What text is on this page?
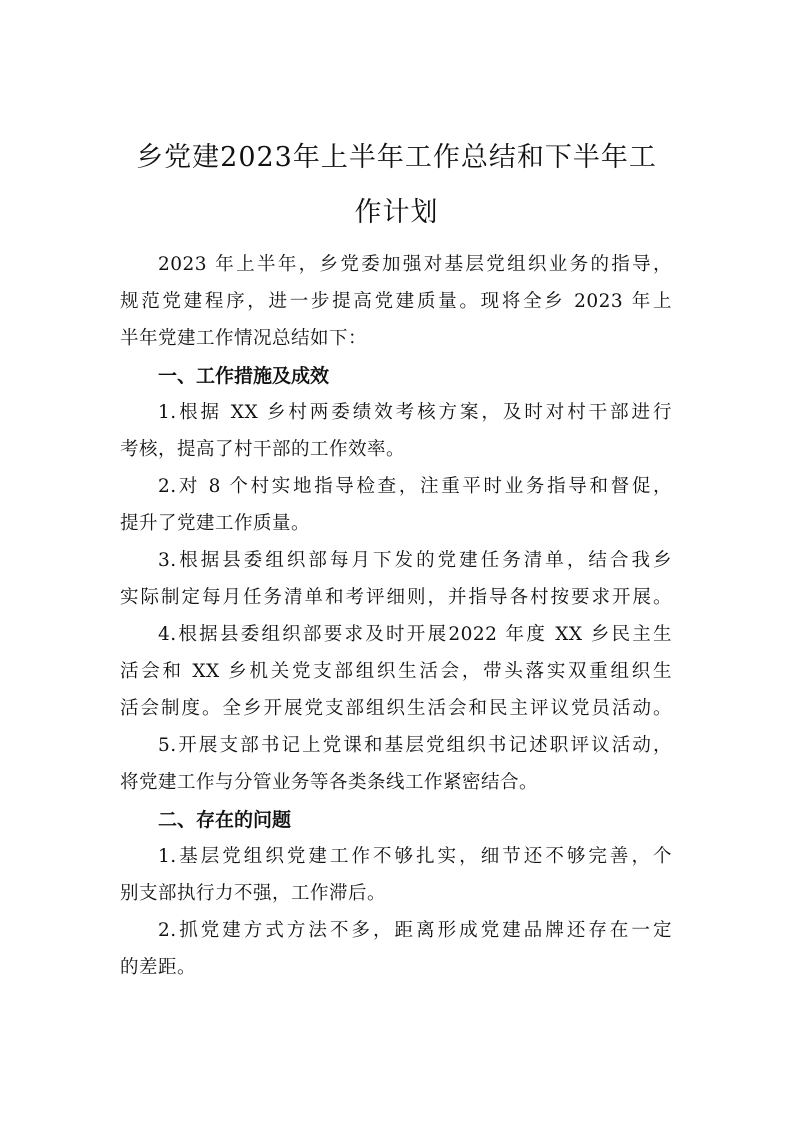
乡党建2023年上半年工作总结和下半年工
作计划
2023 年上半年，乡党委加强对基层党组织业务的指导，
规范党建程序，进一步提高党建质量。现将全乡 2023 年上
半年党建工作情况总结如下：
一、工作措施及成效
1.根据 XX 乡村两委绩效考核方案，及时对村干部进行
考核，提高了村干部的工作效率。
2.对 8 个村实地指导检查，注重平时业务指导和督促，
提升了党建工作质量。
3.根据县委组织部每月下发的党建任务清单，结合我乡
实际制定每月任务清单和考评细则，并指导各村按要求开展。
4.根据县委组织部要求及时开展2022 年度 XX 乡民主生
活会和 XX 乡机关党支部组织生活会，带头落实双重组织生
活会制度。全乡开展党支部组织生活会和民主评议党员活动。
5.开展支部书记上党课和基层党组织书记述职评议活动，
将党建工作与分管业务等各类条线工作紧密结合。
二、存在的问题
1.基层党组织党建工作不够扎实，细节还不够完善，个
别支部执行力不强，工作滞后。
2.抓党建方式方法不多，距离形成党建品牌还存在一定
的差距。
